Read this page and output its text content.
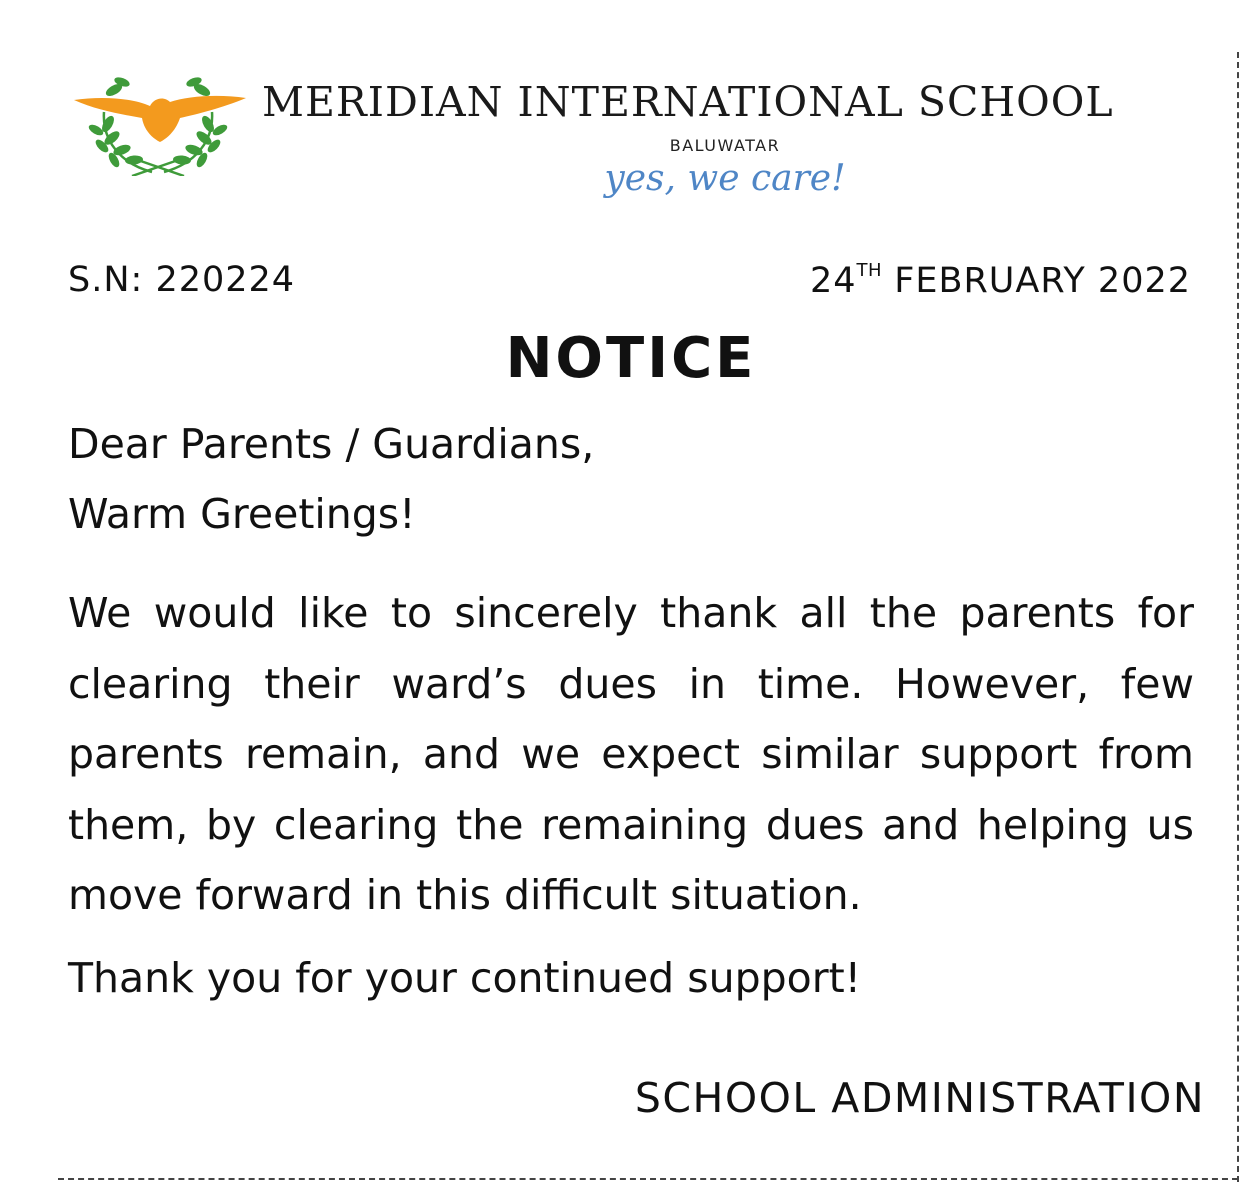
MERIDIAN INTERNATIONAL SCHOOL
BALUWATAR
yes, we care!
S.N: 220224	24TH FEBRUARY 2022
NOTICE
Dear Parents / Guardians,
Warm Greetings!

We would like to sincerely thank all the parents for clearing their ward’s dues in time. However, few parents remain, and we expect similar support from them, by clearing the remaining dues and helping us move forward in this difficult situation.

Thank you for your continued support!
SCHOOL ADMINISTRATION
